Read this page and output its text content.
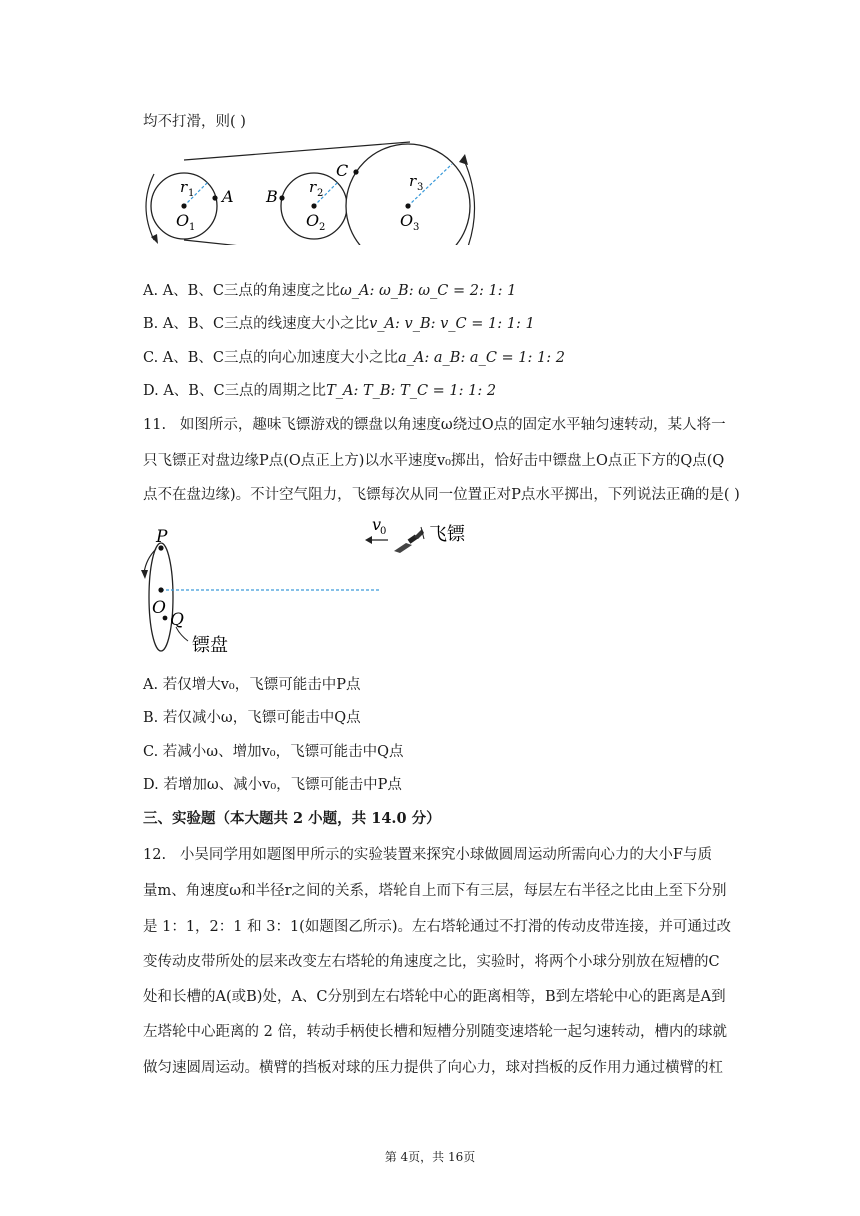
均不打滑，则( )
r 1 A
O 1
B r 2
O 2
C
r 3
O 3
A. A、B、C三点的角速度之比ω_A: ω_B: ω_C = 2: 1: 1
B. A、B、C三点的线速度大小之比v_A: v_B: v_C = 1: 1: 1
C. A、B、C三点的向心加速度大小之比a_A: a_B: a_C = 1: 1: 2
D. A、B、C三点的周期之比T_A: T_B: T_C = 1: 1: 2
11. 如图所示，趣味飞镖游戏的镖盘以角速度ω绕过O点的固定水平轴匀速转动，某人将一
只飞镖正对盘边缘P点(O点正上方)以水平速度v₀掷出，恰好击中镖盘上O点正下方的Q点(Q
点不在盘边缘)。不计空气阻力，飞镖每次从同一位置正对P点水平掷出，下列说法正确的是( )
P
O
Q
镖盘
v
0 飞镖
A. 若仅增大v₀，飞镖可能击中P点
B. 若仅减小ω，飞镖可能击中Q点
C. 若减小ω、增加v₀，飞镖可能击中Q点
D. 若增加ω、减小v₀，飞镖可能击中P点
三、实验题（本大题共 2 小题，共 14.0 分）
12. 小吴同学用如题图甲所示的实验装置来探究小球做圆周运动所需向心力的大小F与质
量m、角速度ω和半径r之间的关系，塔轮自上而下有三层，每层左右半径之比由上至下分别
是 1：1，2：1 和 3：1(如题图乙所示)。左右塔轮通过不打滑的传动皮带连接，并可通过改
变传动皮带所处的层来改变左右塔轮的角速度之比，实验时，将两个小球分别放在短槽的C
处和长槽的A(或B)处，A、C分别到左右塔轮中心的距离相等，B到左塔轮中心的距离是A到
左塔轮中心距离的 2 倍，转动手柄使长槽和短槽分别随变速塔轮一起匀速转动，槽内的球就
做匀速圆周运动。横臂的挡板对球的压力提供了向心力，球对挡板的反作用力通过横臂的杠
第 4页，共 16页
